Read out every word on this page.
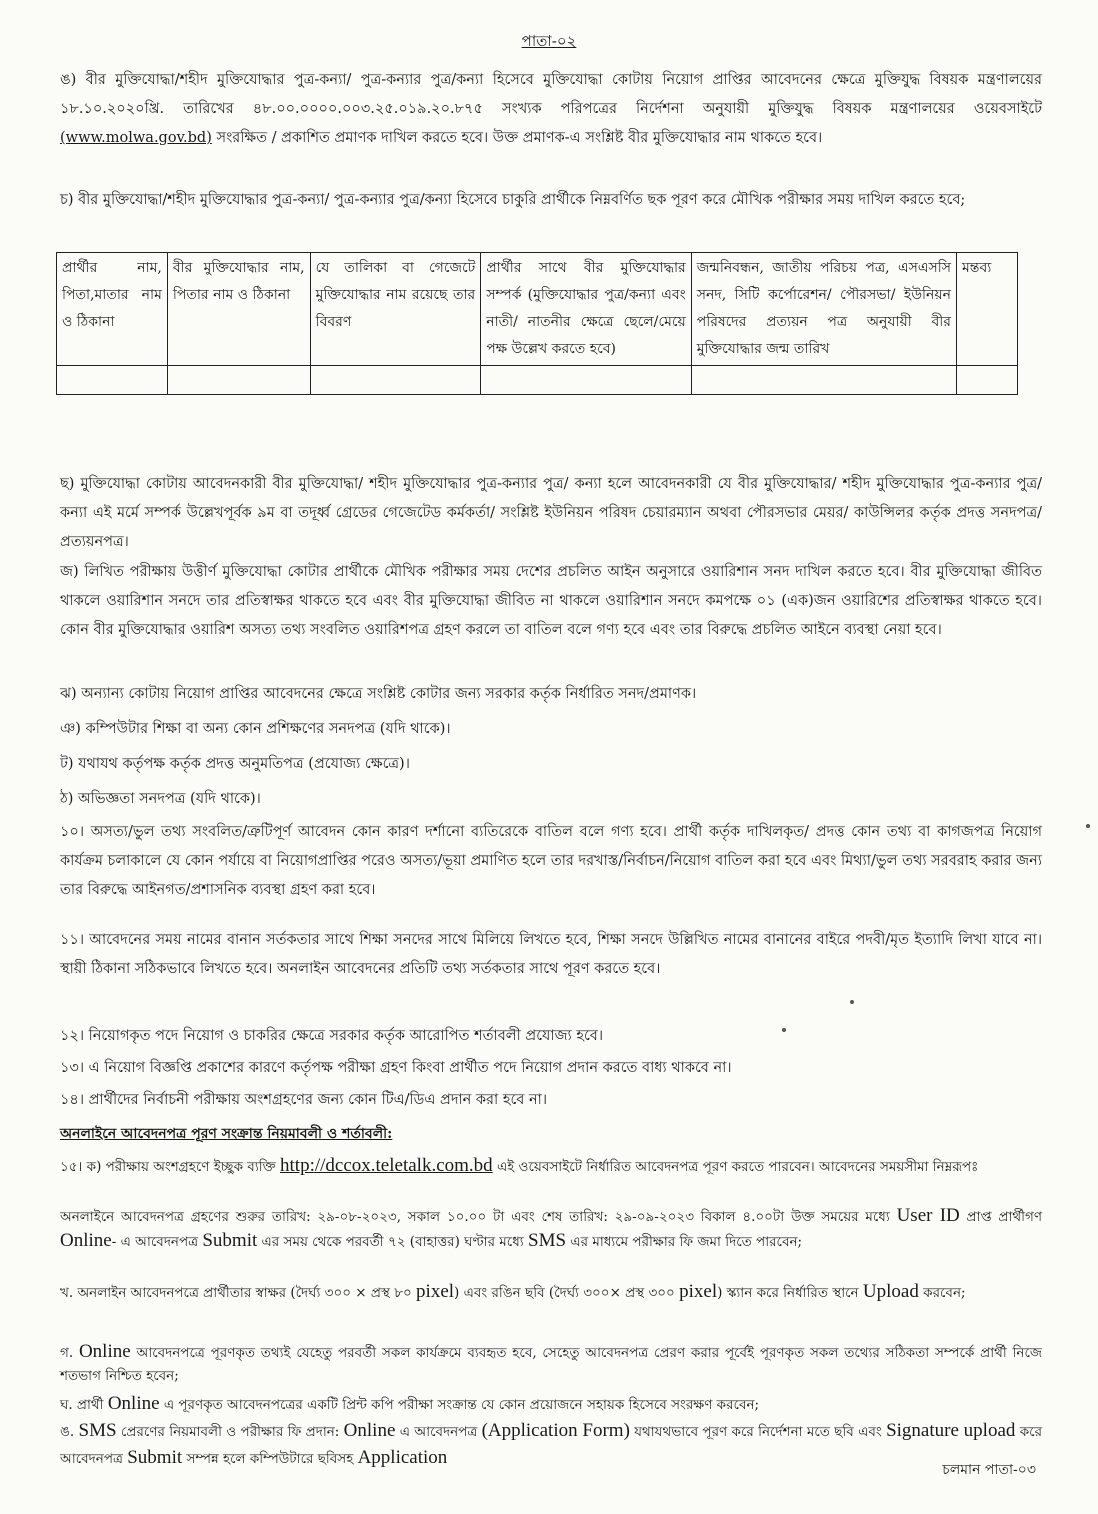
পাতা-০২

ঙ) বীর মুক্তিযোদ্ধা/শহীদ মুক্তিযোদ্ধার পুত্র-কন্যা/ পুত্র-কন্যার পুত্র/কন্যা হিসেবে মুক্তিযোদ্ধা কোটায় নিয়োগ প্রাপ্তির আবেদনের ক্ষেত্রে মুক্তিযুদ্ধ বিষয়ক মন্ত্রণালয়ের ১৮.১০.২০২০খ্রি. তারিখের ৪৮.০০.০০০০.০০৩.২৫.০১৯.২০.৮৭৫ সংখ্যক পরিপত্রের নির্দেশনা অনুযায়ী মুক্তিযুদ্ধ বিষয়ক মন্ত্রণালয়ের ওয়েবসাইটে (www.molwa.gov.bd) সংরক্ষিত / প্রকাশিত প্রমাণক দাখিল করতে হবে। উক্ত প্রমাণক-এ সংশ্লিষ্ট বীর মুক্তিযোদ্ধার নাম থাকতে হবে।

চ) বীর মুক্তিযোদ্ধা/শহীদ মুক্তিযোদ্ধার পুত্র-কন্যা/ পুত্র-কন্যার পুত্র/কন্যা হিসেবে চাকুরি প্রার্থীকে নিম্নবর্ণিত ছক পূরণ করে মৌখিক পরীক্ষার সময় দাখিল করতে হবে;

প্রার্থীর নাম, পিতা,মাতার নাম ও ঠিকানা	বীর মুক্তিযোদ্ধার নাম, পিতার নাম ও ঠিকানা	যে তালিকা বা গেজেটে মুক্তিযোদ্ধার নাম রয়েছে তার বিবরণ	প্রার্থীর সাথে বীর মুক্তিযোদ্ধার সম্পর্ক (মুক্তিযোদ্ধার পুত্র/কন্যা এবং নাতী/ নাতনীর ক্ষেত্রে ছেলে/মেয়ে পক্ষ উল্লেখ করতে হবে)	জন্মনিবন্ধন, জাতীয় পরিচয় পত্র, এসএসসি সনদ, সিটি কর্পোরেশন/ পৌরসভা/ ইউনিয়ন পরিষদের প্রত্যয়ন পত্র অনুযায়ী বীর মুক্তিযোদ্ধার জন্ম তারিখ	মন্তব্য

ছ) মুক্তিযোদ্ধা কোটায় আবেদনকারী বীর মুক্তিযোদ্ধা/ শহীদ মুক্তিযোদ্ধার পুত্র-কন্যার পুত্র/ কন্যা হলে আবেদনকারী যে বীর মুক্তিযোদ্ধার/ শহীদ মুক্তিযোদ্ধার পুত্র-কন্যার পুত্র/ কন্যা এই মর্মে সম্পর্ক উল্লেখপূর্বক ৯ম বা তদূর্ধ্ব গ্রেডের গেজেটেড কর্মকর্তা/ সংশ্লিষ্ট ইউনিয়ন পরিষদ চেয়ারম্যান অথবা পৌরসভার মেয়র/ কাউন্সিলর কর্তৃক প্রদত্ত সনদপত্র/প্রত্যয়নপত্র।

জ) লিখিত পরীক্ষায় উত্তীর্ণ মুক্তিযোদ্ধা কোটার প্রার্থীকে মৌখিক পরীক্ষার সময় দেশের প্রচলিত আইন অনুসারে ওয়ারিশান সনদ দাখিল করতে হবে। বীর মুক্তিযোদ্ধা জীবিত থাকলে ওয়ারিশান সনদে তার প্রতিস্বাক্ষর থাকতে হবে এবং বীর মুক্তিযোদ্ধা জীবিত না থাকলে ওয়ারিশান সনদে কমপক্ষে ০১ (এক)জন ওয়ারিশের প্রতিস্বাক্ষর থাকতে হবে। কোন বীর মুক্তিযোদ্ধার ওয়ারিশ অসত্য তথ্য সংবলিত ওয়ারিশপত্র গ্রহণ করলে তা বাতিল বলে গণ্য হবে এবং তার বিরুদ্ধে প্রচলিত আইনে ব্যবস্থা নেয়া হবে।

ঝ) অন্যান্য কোটায় নিয়োগ প্রাপ্তির আবেদনের ক্ষেত্রে সংশ্লিষ্ট কোটার জন্য সরকার কর্তৃক নির্ধারিত সনদ/প্রমাণক।

ঞ) কম্পিউটার শিক্ষা বা অন্য কোন প্রশিক্ষণের সনদপত্র (যদি থাকে)।

ট) যথাযথ কর্তৃপক্ষ কর্তৃক প্রদত্ত অনুমতিপত্র (প্রযোজ্য ক্ষেত্রে)।

ঠ) অভিজ্ঞতা সনদপত্র (যদি থাকে)।

১০। অসত্য/ভুল তথ্য সংবলিত/ত্রুটিপূর্ণ আবেদন কোন কারণ দর্শানো ব্যতিরেকে বাতিল বলে গণ্য হবে। প্রার্থী কর্তৃক দাখিলকৃত/ প্রদত্ত কোন তথ্য বা কাগজপত্র নিয়োগ কার্যক্রম চলাকালে যে কোন পর্যায়ে বা নিয়োগপ্রাপ্তির পরেও অসত্য/ভূয়া প্রমাণিত হলে তার দরখাস্ত/নির্বাচন/নিয়োগ বাতিল করা হবে এবং মিথ্যা/ভুল তথ্য সরবরাহ করার জন্য তার বিরুদ্ধে আইনগত/প্রশাসনিক ব্যবস্থা গ্রহণ করা হবে।

১১। আবেদনের সময় নামের বানান সর্তকতার সাথে শিক্ষা সনদের সাথে মিলিয়ে লিখতে হবে, শিক্ষা সনদে উল্লিখিত নামের বানানের বাইরে পদবী/মৃত ইত্যাদি লিখা যাবে না। স্থায়ী ঠিকানা সঠিকভাবে লিখতে হবে। অনলাইন আবেদনের প্রতিটি তথ্য সর্তকতার সাথে পূরণ করতে হবে।

১২। নিয়োগকৃত পদে নিয়োগ ও চাকরির ক্ষেত্রে সরকার কর্তৃক আরোপিত শর্তাবলী প্রযোজ্য হবে।

১৩। এ নিয়োগ বিজ্ঞপ্তি প্রকাশের কারণে কর্তৃপক্ষ পরীক্ষা গ্রহণ কিংবা প্রার্থীত পদে নিয়োগ প্রদান করতে বাধ্য থাকবে না।

১৪। প্রার্থীদের নির্বাচনী পরীক্ষায় অংশগ্রহণের জন্য কোন টিএ/ডিএ প্রদান করা হবে না।

অনলাইনে আবেদনপত্র পূরণ সংক্রান্ত নিয়মাবলী ও শর্তাবলী:

১৫। ক) পরীক্ষায় অংশগ্রহণে ইচ্ছুক ব্যক্তি http://dccox.teletalk.com.bd এই ওয়েবসাইটে নির্ধারিত আবেদনপত্র পূরণ করতে পারবেন। আবেদনের সময়সীমা নিম্নরূপঃ

অনলাইনে আবেদনপত্র গ্রহণের শুরুর তারিখ: ২৯-০৮-২০২৩, সকাল ১০.০০ টা এবং শেষ তারিখ: ২৯-০৯-২০২৩ বিকাল ৪.০০টা উক্ত সময়ের মধ্যে User ID প্রাপ্ত প্রার্থীগণ Online- এ আবেদনপত্র Submit এর সময় থেকে পরবর্তী ৭২ (বাহাত্তর) ঘণ্টার মধ্যে SMS এর মাধ্যমে পরীক্ষার ফি জমা দিতে পারবেন;

খ. অনলাইন আবেদনপত্রে প্রার্থীতার স্বাক্ষর (দৈর্ঘ্য ৩০০ × প্রস্থ ৮০ pixel) এবং রঙিন ছবি (দৈর্ঘ্য ৩০০× প্রস্থ ৩০০ pixel) স্ক্যান করে নির্ধারিত স্থানে Upload করবেন;

গ. Online আবেদনপত্রে পূরণকৃত তথ্যই যেহেতু পরবর্তী সকল কার্যক্রমে ব্যবহৃত হবে, সেহেতু আবেদনপত্র প্রেরণ করার পূর্বেই পূরণকৃত সকল তথ্যের সঠিকতা সম্পর্কে প্রার্থী নিজে শতভাগ নিশ্চিত হবেন;

ঘ. প্রার্থী Online এ পূরণকৃত আবেদনপত্রের একটি প্রিন্ট কপি পরীক্ষা সংক্রান্ত যে কোন প্রয়োজনে সহায়ক হিসেবে সংরক্ষণ করবেন;

ঙ. SMS প্রেরণের নিয়মাবলী ও পরীক্ষার ফি প্রদান: Online এ আবেদনপত্র (Application Form) যথাযথভাবে পূরণ করে নির্দেশনা মতে ছবি এবং Signature upload করে আবেদনপত্র Submit সম্পন্ন হলে কম্পিউটারে ছবিসহ Application

চলমান পাতা-০৩
